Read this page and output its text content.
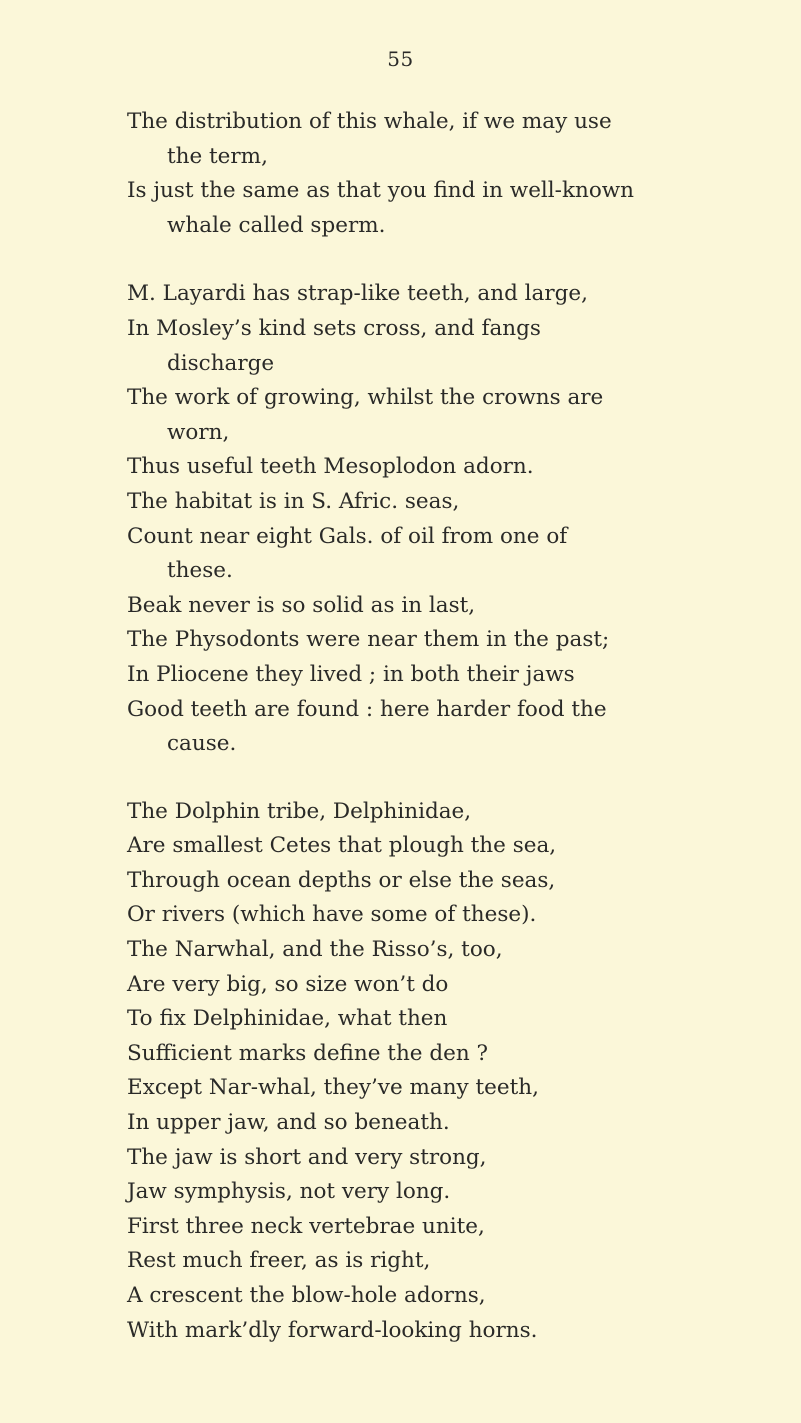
55
The distribution of this whale, if we may use
the term,
Is just the same as that you find in well-known
whale called sperm.
M. Layardi has strap-like teeth, and large,
In Mosley’s kind sets cross, and fangs
discharge
The work of growing, whilst the crowns are
worn,
Thus useful teeth Mesoplodon adorn.
The habitat is in S. Afric. seas,
Count near eight Gals. of oil from one of
these.
Beak never is so solid as in last,
The Physodonts were near them in the past;
In Pliocene they lived ; in both their jaws
Good teeth are found : here harder food the
cause.
The Dolphin tribe, Delphinidae,
Are smallest Cetes that plough the sea,
Through ocean depths or else the seas,
Or rivers (which have some of these).
The Narwhal, and the Risso’s, too,
Are very big, so size won’t do
To fix Delphinidae, what then
Sufficient marks define the den ?
Except Nar-whal, they’ve many teeth,
In upper jaw, and so beneath.
The jaw is short and very strong,
Jaw symphysis, not very long.
First three neck vertebrae unite,
Rest much freer, as is right,
A crescent the blow-hole adorns,
With mark’dly forward-looking horns.
